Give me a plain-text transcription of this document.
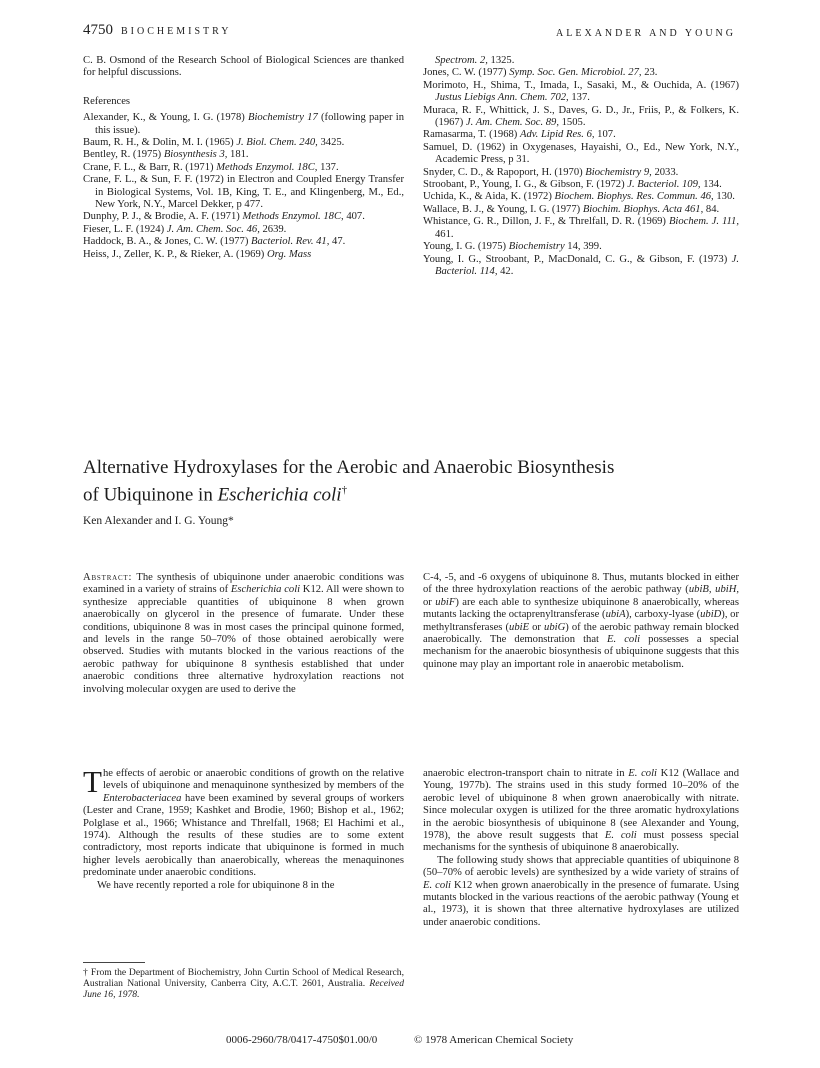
4750 BIOCHEMISTRY	ALEXANDER AND YOUNG

C. B. Osmond of the Research School of Biological Sciences are thanked for helpful discussions.

References

Alexander, K., & Young, I. G. (1978) Biochemistry 17 (following paper in this issue).

Baum, R. H., & Dolin, M. I. (1965) J. Biol. Chem. 240, 3425.

Bentley, R. (1975) Biosynthesis 3, 181.

Crane, F. L., & Barr, R. (1971) Methods Enzymol. 18C, 137.

Crane, F. L., & Sun, F. F. (1972) in Electron and Coupled Energy Transfer in Biological Systems, Vol. 1B, King, T. E., and Klingenberg, M., Ed., New York, N.Y., Marcel Dekker, p 477.

Dunphy, P. J., & Brodie, A. F. (1971) Methods Enzymol. 18C, 407.

Fieser, L. F. (1924) J. Am. Chem. Soc. 46, 2639.

Haddock, B. A., & Jones, C. W. (1977) Bacteriol. Rev. 41, 47.

Heiss, J., Zeller, K. P., & Rieker, A. (1969) Org. Mass

Spectrom. 2, 1325.

Jones, C. W. (1977) Symp. Soc. Gen. Microbiol. 27, 23.

Morimoto, H., Shima, T., Imada, I., Sasaki, M., & Ouchida, A. (1967) Justus Liebigs Ann. Chem. 702, 137.

Muraca, R. F., Whittick, J. S., Daves, G. D., Jr., Friis, P., & Folkers, K. (1967) J. Am. Chem. Soc. 89, 1505.

Ramasarma, T. (1968) Adv. Lipid Res. 6, 107.

Samuel, D. (1962) in Oxygenases, Hayaishi, O., Ed., New York, N.Y., Academic Press, p 31.

Snyder, C. D., & Rapoport, H. (1970) Biochemistry 9, 2033.

Stroobant, P., Young, I. G., & Gibson, F. (1972) J. Bacteriol. 109, 134.

Uchida, K., & Aida, K. (1972) Biochem. Biophys. Res. Commun. 46, 130.

Wallace, B. J., & Young, I. G. (1977) Biochim. Biophys. Acta 461, 84.

Whistance, G. R., Dillon, J. F., & Threlfall, D. R. (1969) Biochem. J. 111, 461.

Young, I. G. (1975) Biochemistry 14, 399.

Young, I. G., Stroobant, P., MacDonald, C. G., & Gibson, F. (1973) J. Bacteriol. 114, 42.

Alternative Hydroxylases for the Aerobic and Anaerobic Biosynthesis
of Ubiquinone in Escherichia coli†
Ken Alexander and I. G. Young*
Abstract: The synthesis of ubiquinone under anaerobic conditions was examined in a variety of strains of Escherichia coli K12. All were shown to synthesize appreciable quantities of ubiquinone 8 when grown anaerobically on glycerol in the presence of fumarate. Under these conditions, ubiquinone 8 was in most cases the principal quinone formed, and levels in the range 50–70% of those obtained aerobically were observed. Studies with mutants blocked in the various reactions of the aerobic pathway for ubiquinone 8 synthesis established that under anaerobic conditions three alternative hydroxylation reactions not involving molecular oxygen are used to derive the
C-4, -5, and -6 oxygens of ubiquinone 8. Thus, mutants blocked in either of the three hydroxylation reactions of the aerobic pathway (ubiB, ubiH, or ubiF) are each able to synthesize ubiquinone 8 anaerobically, whereas mutants lacking the octaprenyltransferase (ubiA), carboxy-lyase (ubiD), or methyltransferases (ubiE or ubiG) of the aerobic pathway remain blocked anaerobically. The demonstration that E. coli possesses a special mechanism for the anaerobic biosynthesis of ubiquinone suggests that this quinone may play an important role in anaerobic metabolism.

The effects of aerobic or anaerobic conditions of growth on the relative levels of ubiquinone and menaquinone synthesized by members of the Enterobacteriacea have been examined by several groups of workers (Lester and Crane, 1959; Kashket and Brodie, 1960; Bishop et al., 1962; Polglase et al., 1966; Whistance and Threlfall, 1968; El Hachimi et al., 1974). Although the results of these studies are to some extent contradictory, most reports indicate that ubiquinone is formed in much higher levels aerobically than anaerobically, whereas the menaquinones predominate under anaerobic conditions.

We have recently reported a role for ubiquinone 8 in the

anaerobic electron-transport chain to nitrate in E. coli K12 (Wallace and Young, 1977b). The strains used in this study formed 10–20% of the aerobic level of ubiquinone 8 when grown anaerobically with nitrate. Since molecular oxygen is utilized for the three aromatic hydroxylations in the aerobic biosynthesis of ubiquinone 8 (see Alexander and Young, 1978), the above result suggests that E. coli must possess special mechanisms for the synthesis of ubiquinone 8 anaerobically.

The following study shows that appreciable quantities of ubiquinone 8 (50–70% of aerobic levels) are synthesized by a wide variety of strains of E. coli K12 when grown anaerobically in the presence of fumarate. Using mutants blocked in the various reactions of the aerobic pathway (Young et al., 1973), it is shown that three alternative hydroxylases are utilized under anaerobic conditions.

† From the Department of Biochemistry, John Curtin School of Medical Research, Australian National University, Canberra City, A.C.T. 2601, Australia. Received June 16, 1978.
0006-2960/78/0417-4750$01.00/0	© 1978 American Chemical Society
